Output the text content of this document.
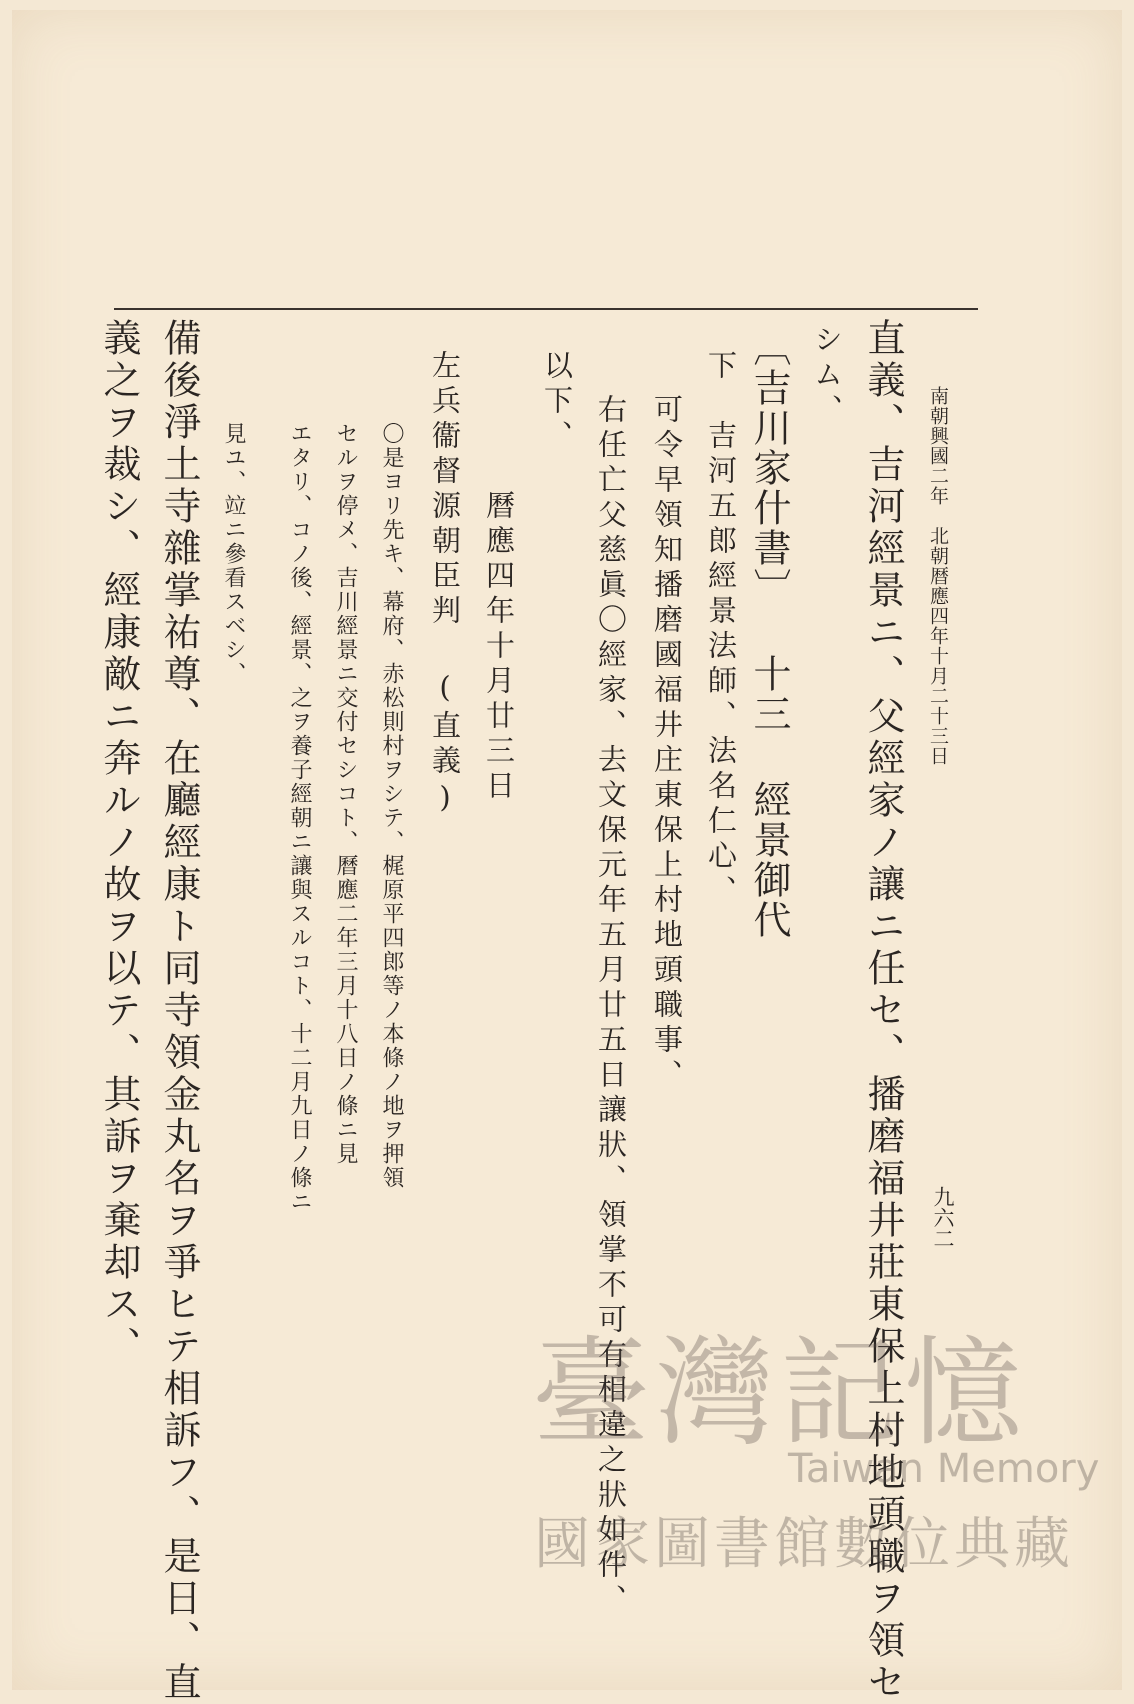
南朝興國二年　北朝暦應四年十月二十三日
九六二
直義、吉河經景ニ、父經家ノ讓ニ任セ、播磨福井莊東保上村地頭職ヲ領セ
シム、
〔吉川家什書〕 十三 經景御代
下　吉河五郎經景法師、法名仁心、
可令早領知播磨國福井庄東保上村地頭職事、
右任亡父慈眞〇經家、去文保元年五月廿五日讓狀、領掌不可有相違之狀如件、
以下、
曆應四年十月廿三日
左兵衞督源朝臣判 (直義)
〇是ヨリ先キ、幕府、赤松則村ヲシテ、梶原平四郎等ノ本條ノ地ヲ押領
セルヲ停メ、吉川經景ニ交付セシコト、曆應二年三月十八日ノ條ニ見
エタリ、コノ後、經景、之ヲ養子經朝ニ讓與スルコト、十二月九日ノ條ニ
見ユ、竝ニ參看スベシ、
備後淨土寺雜掌祐尊、在廳經康ト同寺領金丸名ヲ爭ヒテ相訴フ、是日、直
義之ヲ裁シ、經康敵ニ奔ルノ故ヲ以テ、其訴ヲ棄却ス、
臺灣記憶
Taiwan Memory
國家圖書館數位典藏
